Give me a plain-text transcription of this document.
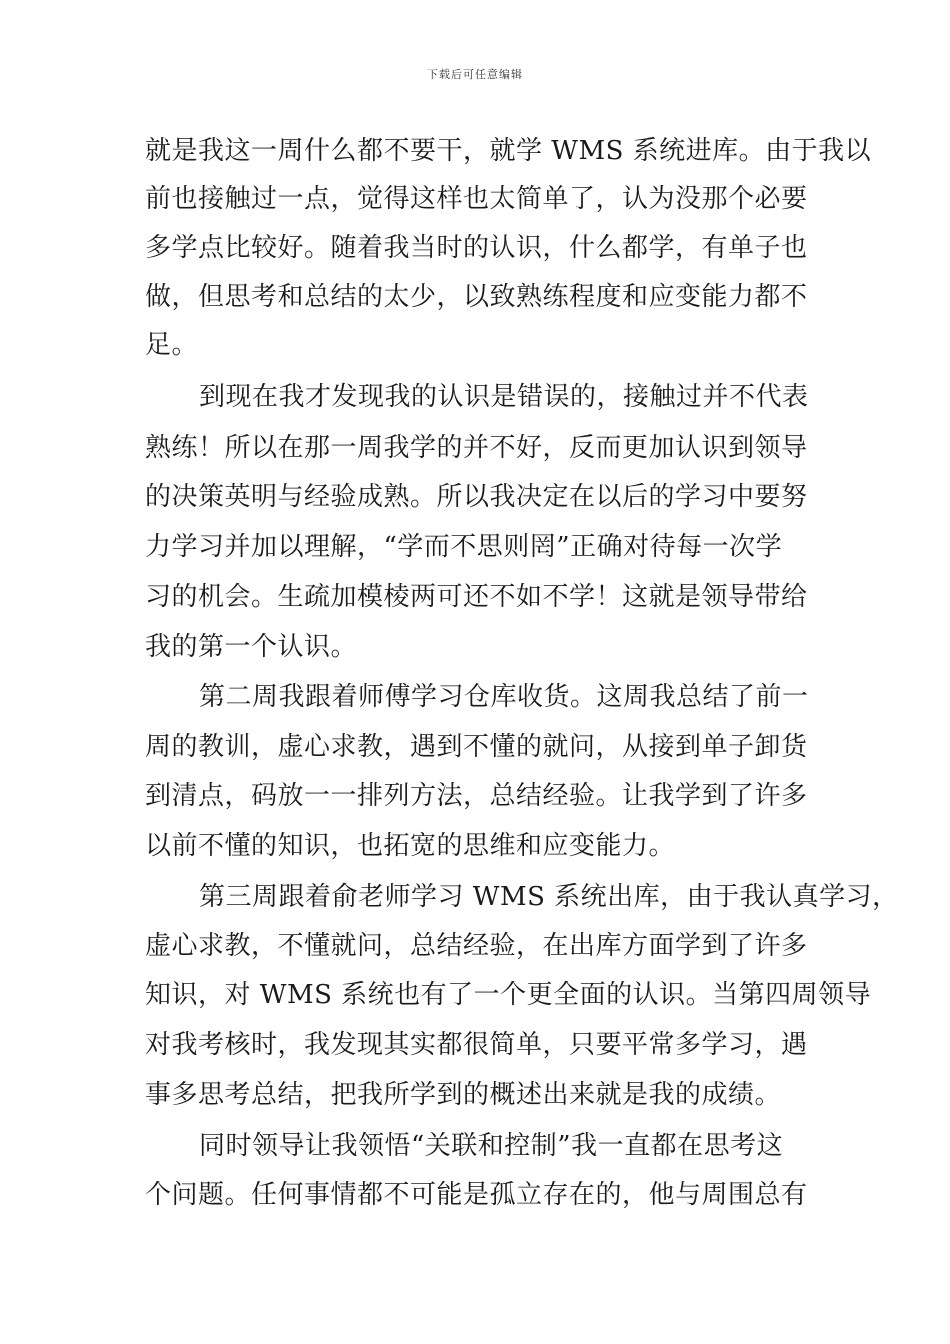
下载后可任意编辑
就是我这一周什么都不要干，就学 WMS 系统进库。由于我以
前也接触过一点，觉得这样也太简单了，认为没那个必要
多学点比较好。随着我当时的认识，什么都学，有单子也
做，但思考和总结的太少，以致熟练程度和应变能力都不
足。
到现在我才发现我的认识是错误的，接触过并不代表
熟练！所以在那一周我学的并不好，反而更加认识到领导
的决策英明与经验成熟。所以我决定在以后的学习中要努
力学习并加以理解，“学而不思则罔”正确对待每一次学
习的机会。生疏加模棱两可还不如不学！这就是领导带给
我的第一个认识。
第二周我跟着师傅学习仓库收货。这周我总结了前一
周的教训，虚心求教，遇到不懂的就问，从接到单子卸货
到清点，码放一一排列方法，总结经验。让我学到了许多
以前不懂的知识，也拓宽的思维和应变能力。
第三周跟着俞老师学习 WMS 系统出库，由于我认真学习，
虚心求教，不懂就问，总结经验，在出库方面学到了许多
知识，对 WMS 系统也有了一个更全面的认识。当第四周领导
对我考核时，我发现其实都很简单，只要平常多学习，遇
事多思考总结，把我所学到的概述出来就是我的成绩。
同时领导让我领悟“关联和控制”我一直都在思考这
个问题。任何事情都不可能是孤立存在的，他与周围总有
